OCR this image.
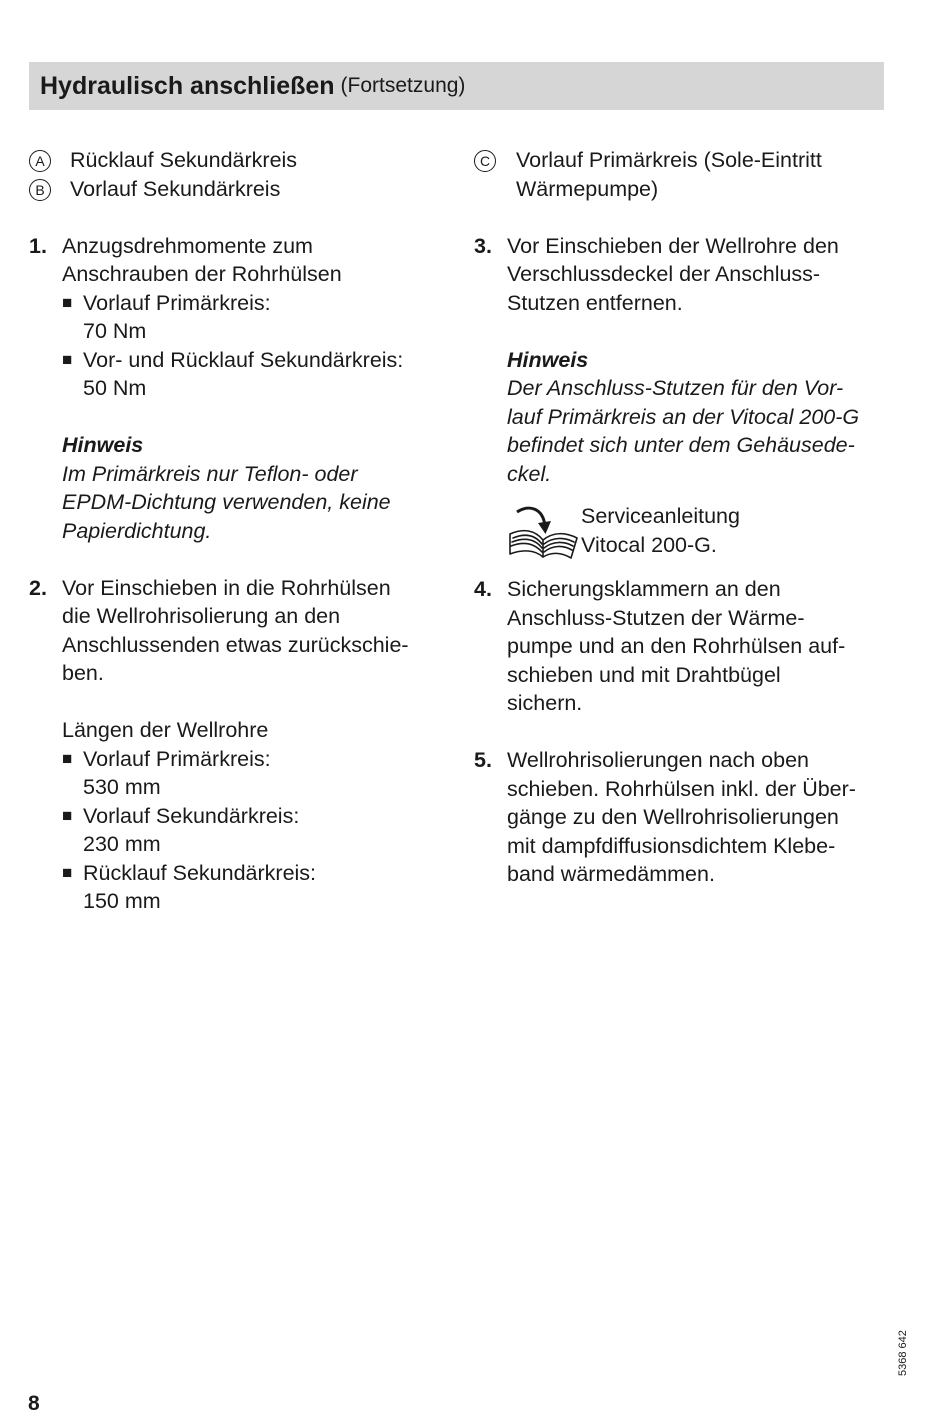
Hydraulisch anschließen (Fortsetzung)
A Rücklauf Sekundärkreis
B Vorlauf Sekundärkreis
1. Anzugsdrehmomente zum
Anschrauben der Rohrhülsen
■ Vorlauf Primärkreis:
70 Nm
■ Vor- und Rücklauf Sekundärkreis:
50 Nm
Hinweis
Im Primärkreis nur Teflon- oder
EPDM-Dichtung verwenden, keine
Papierdichtung.
2. Vor Einschieben in die Rohrhülsen
die Wellrohrisolierung an den
Anschlussenden etwas zurückschie-
ben.
Längen der Wellrohre
■ Vorlauf Primärkreis:
530 mm
■ Vorlauf Sekundärkreis:
230 mm
■ Rücklauf Sekundärkreis:
150 mm
C Vorlauf Primärkreis (Sole-Eintritt
Wärmepumpe)
3. Vor Einschieben der Wellrohre den
Verschlussdeckel der Anschluss-
Stutzen entfernen.
Hinweis
Der Anschluss-Stutzen für den Vor-
lauf Primärkreis an der Vitocal 200-G
befindet sich unter dem Gehäusede-
ckel.
Serviceanleitung
Vitocal 200-G.
4. Sicherungsklammern an den
Anschluss-Stutzen der Wärme-
pumpe und an den Rohrhülsen auf-
schieben und mit Drahtbügel
sichern.
5. Wellrohrisolierungen nach oben
schieben. Rohrhülsen inkl. der Über-
gänge zu den Wellrohrisolierungen
mit dampfdiffusionsdichtem Klebe-
band wärmedämmen.
8
5368 642
